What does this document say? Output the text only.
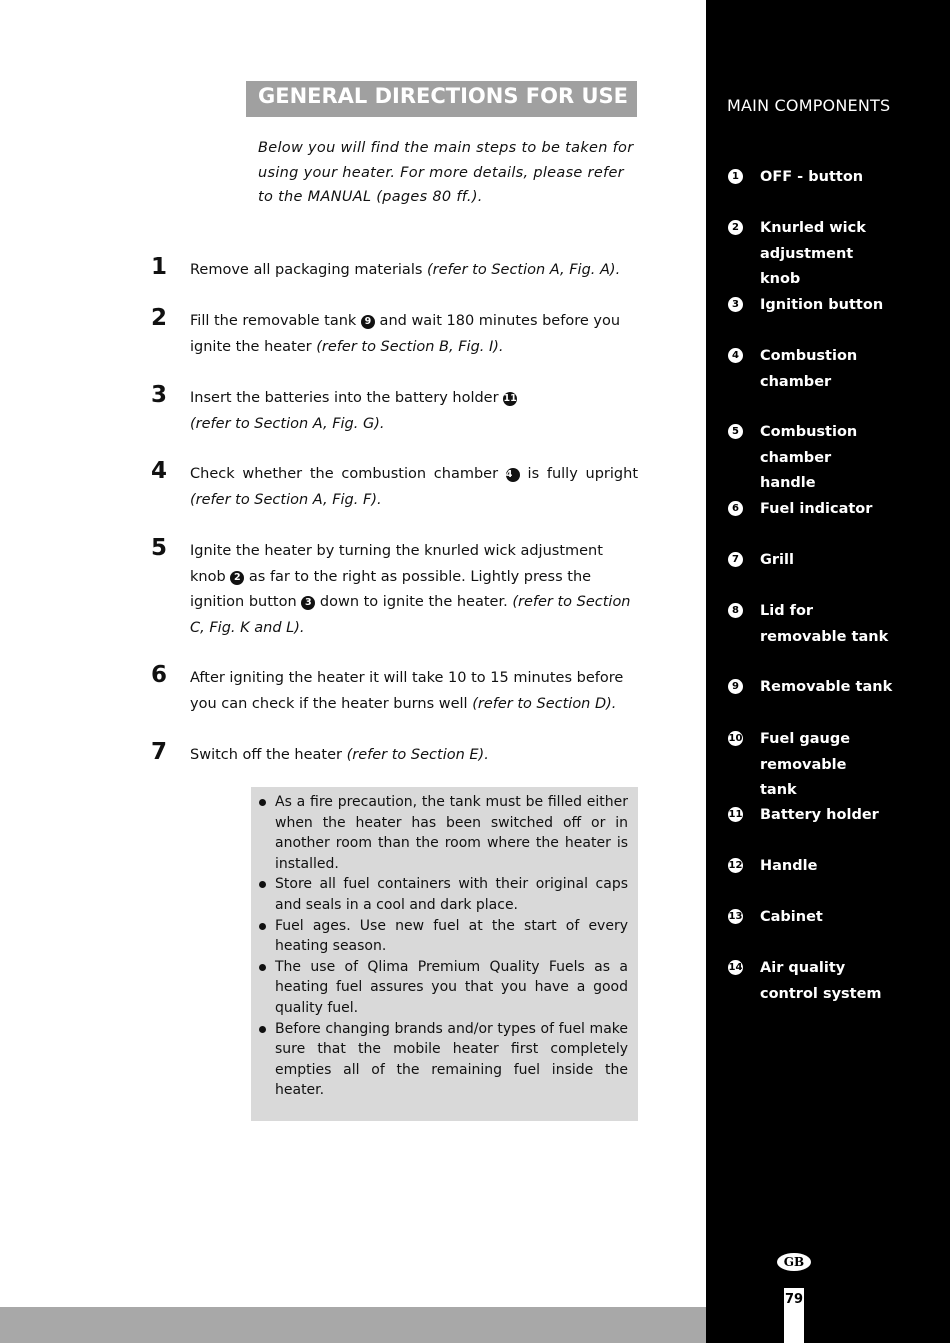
MAIN COMPONENTS
1 OFF - button
2 Knurled wick adjustment knob
3 Ignition button
4 Combustion chamber
5 Combustion chamber handle
6 Fuel indicator
7 Grill
8 Lid for removable tank
9 Removable tank
10 Fuel gauge removable tank
11 Battery holder
12 Handle
13 Cabinet
14 Air quality control system
GB
79
GENERAL DIRECTIONS FOR USE
Below you will find the main steps to be taken for using your heater. For more details, please refer to the MANUAL (pages 80 ff.).
1 Remove all packaging materials (refer to Section A, Fig. A).
2 Fill the removable tank 9 and wait 180 minutes before you ignite the heater (refer to Section B, Fig. I).
3 Insert the batteries into the battery holder 11
(refer to Section A, Fig. G).
4 Check whether the combustion chamber 4 is fully upright (refer to Section A, Fig. F).
5 Ignite the heater by turning the knurled wick adjustment knob 2 as far to the right as possible. Lightly press the ignition button 3 down to ignite the heater. (refer to Section C, Fig. K and L).
6 After igniting the heater it will take 10 to 15 minutes before you can check if the heater burns well (refer to Section D).
7 Switch off the heater (refer to Section E).
As a fire precaution, the tank must be filled either when the heater has been switched off or in another room than the room where the heater is installed.
Store all fuel containers with their original caps and seals in a cool and dark place.
Fuel ages. Use new fuel at the start of every heating season.
The use of Qlima Premium Quality Fuels as a heating fuel assures you that you have a good quality fuel.
Before changing brands and/or types of fuel make sure that the mobile heater first completely empties all of the remaining fuel inside the heater.
